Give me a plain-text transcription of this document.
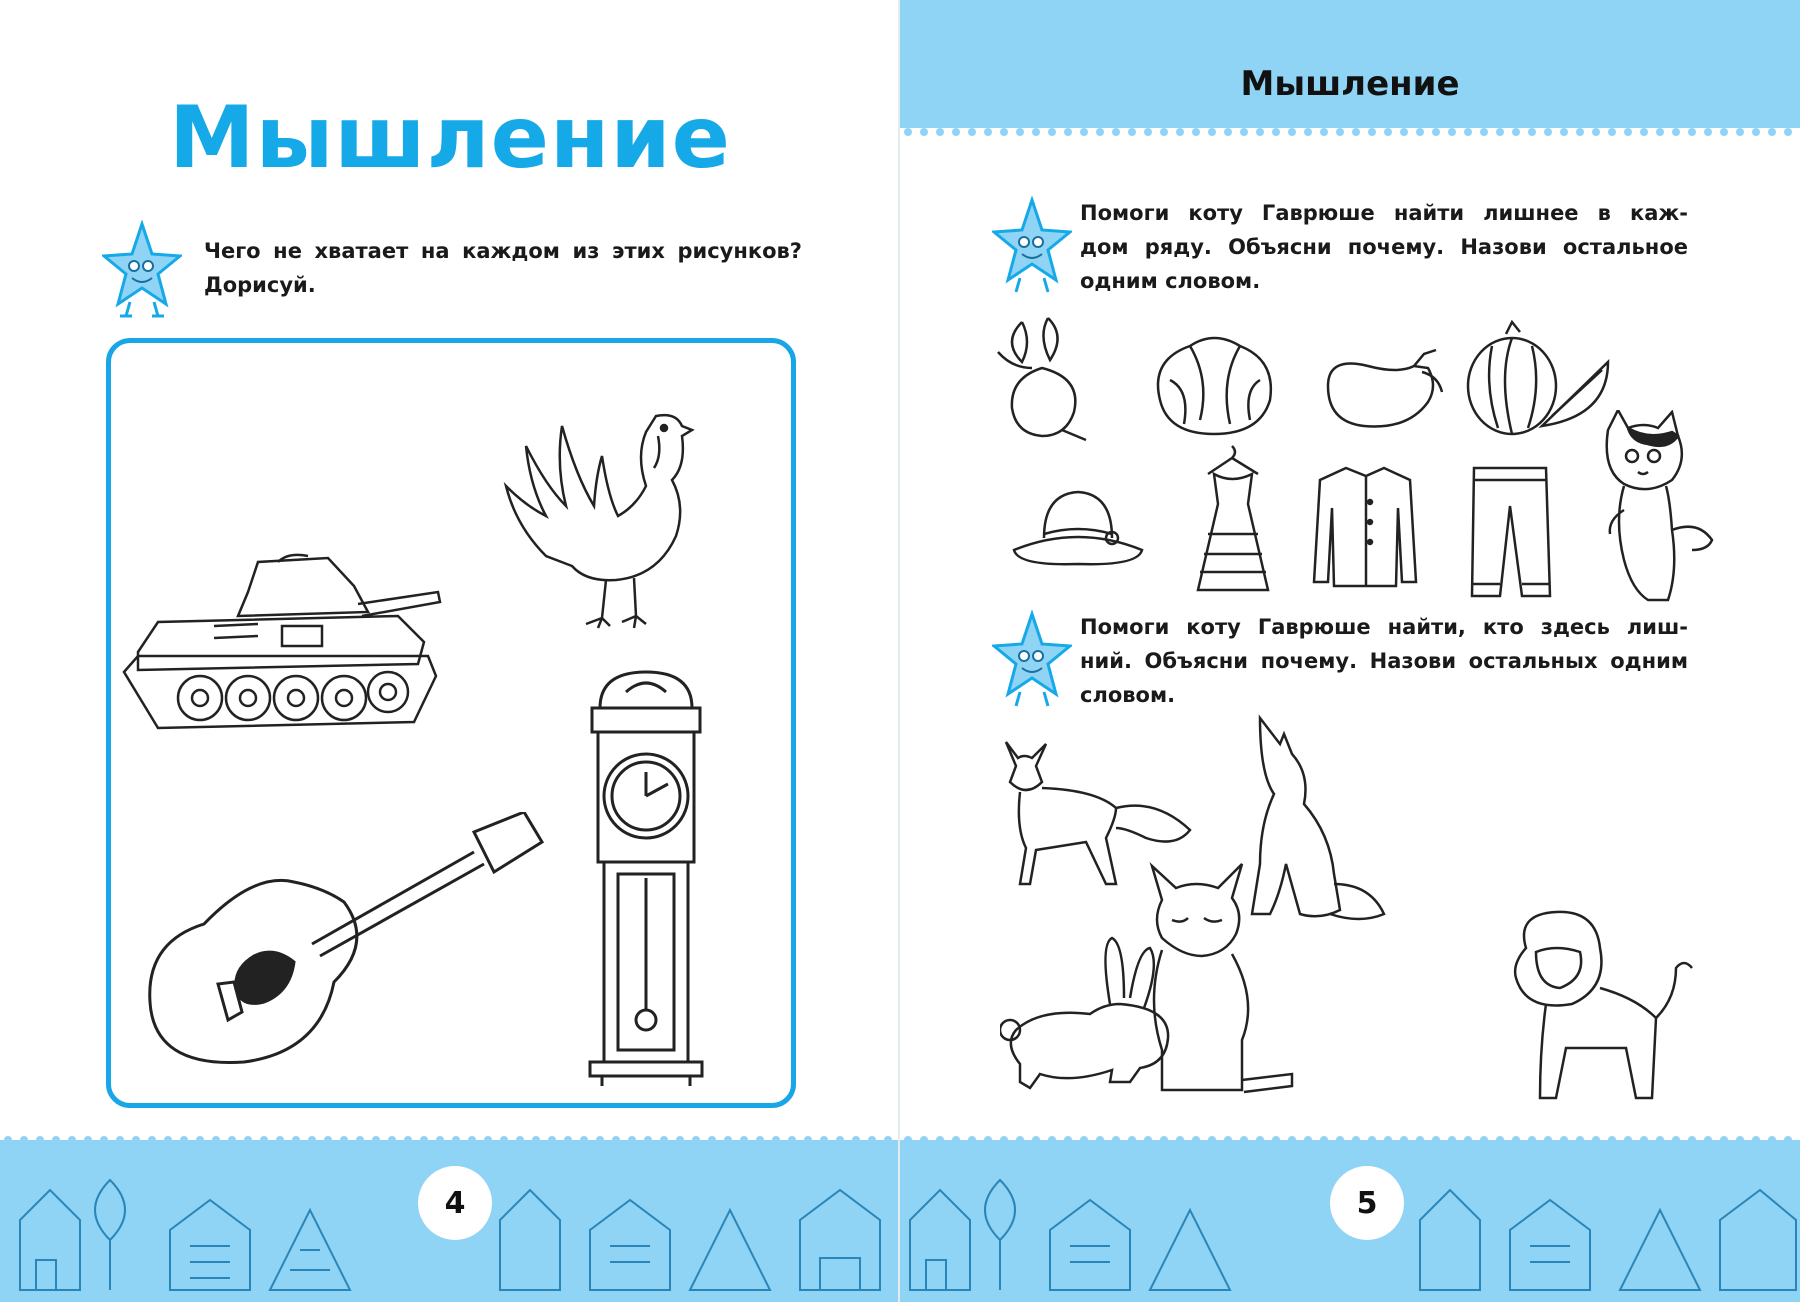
Мышление
Чего не хватает на каждом из этих рисунков?
Дорисуй.
4
Мышление
Помоги коту Гаврюше найти лишнее в каж-
дом ряду. Объясни почему. Назови остальное
одним словом.
Помоги коту Гаврюше найти, кто здесь лиш-
ний. Объясни почему. Назови остальных одним
словом.
5
